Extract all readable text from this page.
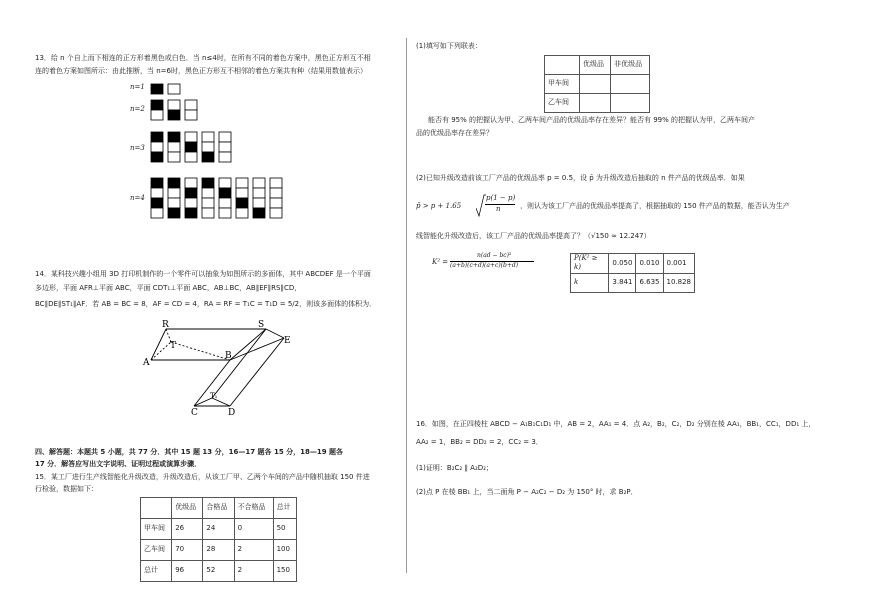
13．给 n 个自上而下相连的正方形着黑色或白色．当 n≤4时，在所有不同的着色方案中，黑色正方形互不相
连的着色方案如图所示：由此推断，当 n=6时，黑色正方形互不相邻的着色方案共有种（结果用数值表示）
n=1
n=2
n=3
n=4
14．某科技兴趣小组用 3D 打印机制作的一个零件可以抽象为如图所示的多面体，其中 ABCDEF 是一个平面
多边形，平面 AFR⊥平面 ABC，平面 CDT₁⊥平面 ABC，AB⊥BC，AB∥EF∥RS∥CD，
BC∥DE∥ST₁∥AF．若 AB = BC = 8，AF = CD = 4，RA = RF = T₁C = T₁D = 5/2，则该多面体的体积为．
R	S
E
T
A
B
C	D
T₁
四、解答题：本题共 5 小题，共 77 分．其中 15 题 13 分，16—17 题各 15 分，18—19 题各
17 分．解答应写出文字说明、证明过程或演算步骤．
15．某工厂进行生产线智能化升级改造，升级改造后，从该工厂甲、乙两个车间的产品中随机抽取 150 件进
行检验，数据如下：
	优级品	合格品	不合格品	总计
甲车间	26	24	0	50
乙车间	70	28	2	100
总计	96	52	2	150
(1)填写如下列联表：
	优级品	非优级品
甲车间		
乙车间		
能否有 95% 的把握认为甲、乙两车间产品的优级品率存在差异？能否有 99% 的把握认为甲，乙两车间产
品的优级品率存在差异？
(2)已知升级改造前该工厂产品的优级品率 p = 0.5，设 p̄ 为升级改造后抽取的 n 件产品的优级品率．如果
p̄ > p + 1.65
p(1 − p)
n	，则认为该工厂产品的优级品率提高了，根据抽取的 150 件产品的数据，能否认为生产
线智能化升级改造后，该工厂产品的优级品率提高了？（√150 ≈ 12.247）
K² =
n(ad − bc)²
(a+b)(c+d)(a+c)(b+d)
P(K² ≥ k)	0.050	0.010	0.001
k	3.841	6.635	10.828
16．如图，在正四棱柱 ABCD − A₁B₁C₁D₁ 中，AB = 2，AA₁ = 4．点 A₂，B₂，C₂，D₂ 分别在棱 AA₁，BB₁，CC₁，DD₁ 上，
AA₂ = 1，BB₂ = DD₂ = 2，CC₂ = 3．
(1)证明：B₂C₂ ∥ A₂D₂；
(2)点 P 在棱 BB₁ 上，当二面角 P − A₂C₂ − D₂ 为 150° 时，求 B₂P．
